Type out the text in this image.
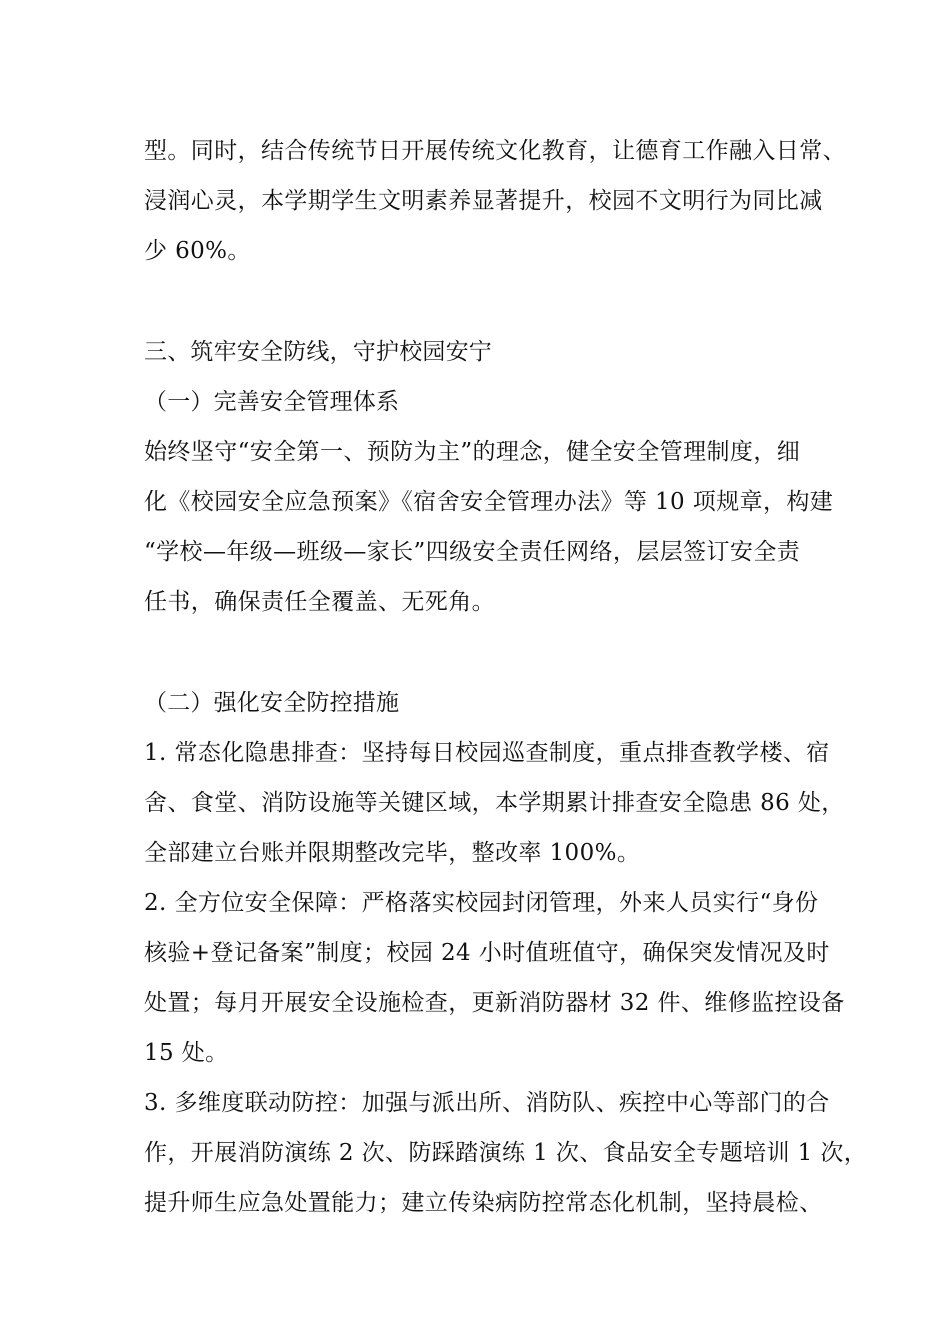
型。同时，结合传统节日开展传统文化教育，让德育工作融入日常、
浸润心灵，本学期学生文明素养显著提升，校园不文明行为同比减
少 60%。
三、筑牢安全防线，守护校园安宁
（一）完善安全管理体系
始终坚守“安全第一、预防为主”的理念，健全安全管理制度，细
化《校园安全应急预案》《宿舍安全管理办法》等 10 项规章，构建
“学校—年级—班级—家长”四级安全责任网络，层层签订安全责
任书，确保责任全覆盖、无死角。
（二）强化安全防控措施
1. 常态化隐患排查：坚持每日校园巡查制度，重点排查教学楼、宿
舍、食堂、消防设施等关键区域，本学期累计排查安全隐患 86 处，
全部建立台账并限期整改完毕，整改率 100%。
2. 全方位安全保障：严格落实校园封闭管理，外来人员实行“身份
核验+登记备案”制度；校园 24 小时值班值守，确保突发情况及时
处置；每月开展安全设施检查，更新消防器材 32 件、维修监控设备
15 处。
3. 多维度联动防控：加强与派出所、消防队、疾控中心等部门的合
作，开展消防演练 2 次、防踩踏演练 1 次、食品安全专题培训 1 次，
提升师生应急处置能力；建立传染病防控常态化机制，坚持晨检、
